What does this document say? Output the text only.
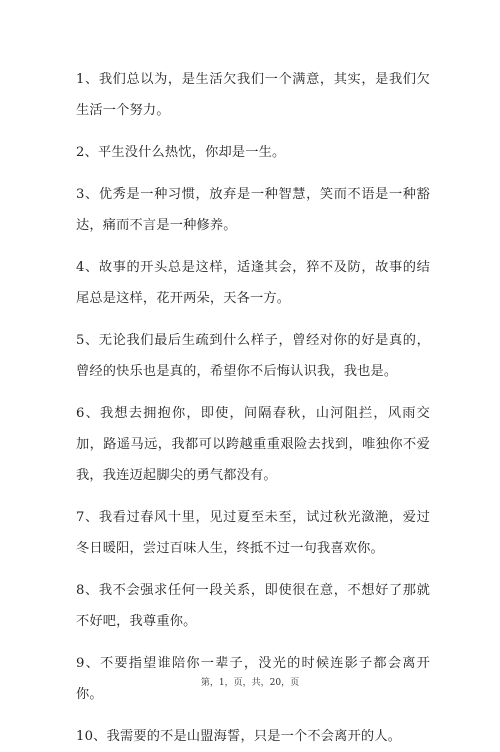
1、我们总以为，是生活欠我们一个满意，其实，是我们欠生活一个努力。
2、平生没什么热忱，你却是一生。
3、优秀是一种习惯，放弃是一种智慧，笑而不语是一种豁达，痛而不言是一种修养。
4、故事的开头总是这样，适逢其会，猝不及防，故事的结尾总是这样，花开两朵，天各一方。
5、无论我们最后生疏到什么样子，曾经对你的好是真的，曾经的快乐也是真的，希望你不后悔认识我，我也是。
6、我想去拥抱你，即使，间隔春秋，山河阻拦，风雨交加，路遥马远，我都可以跨越重重艰险去找到，唯独你不爱我，我连迈起脚尖的勇气都没有。
7、我看过春风十里，见过夏至未至，试过秋光潋滟，爱过冬日暖阳，尝过百味人生，终抵不过一句我喜欢你。
8、我不会强求任何一段关系，即使很在意，不想好了那就不好吧，我尊重你。
9、不要指望谁陪你一辈子，没光的时候连影子都会离开你。
10、我需要的不是山盟海誓，只是一个不会离开的人。
第，1，页，共，20，页
